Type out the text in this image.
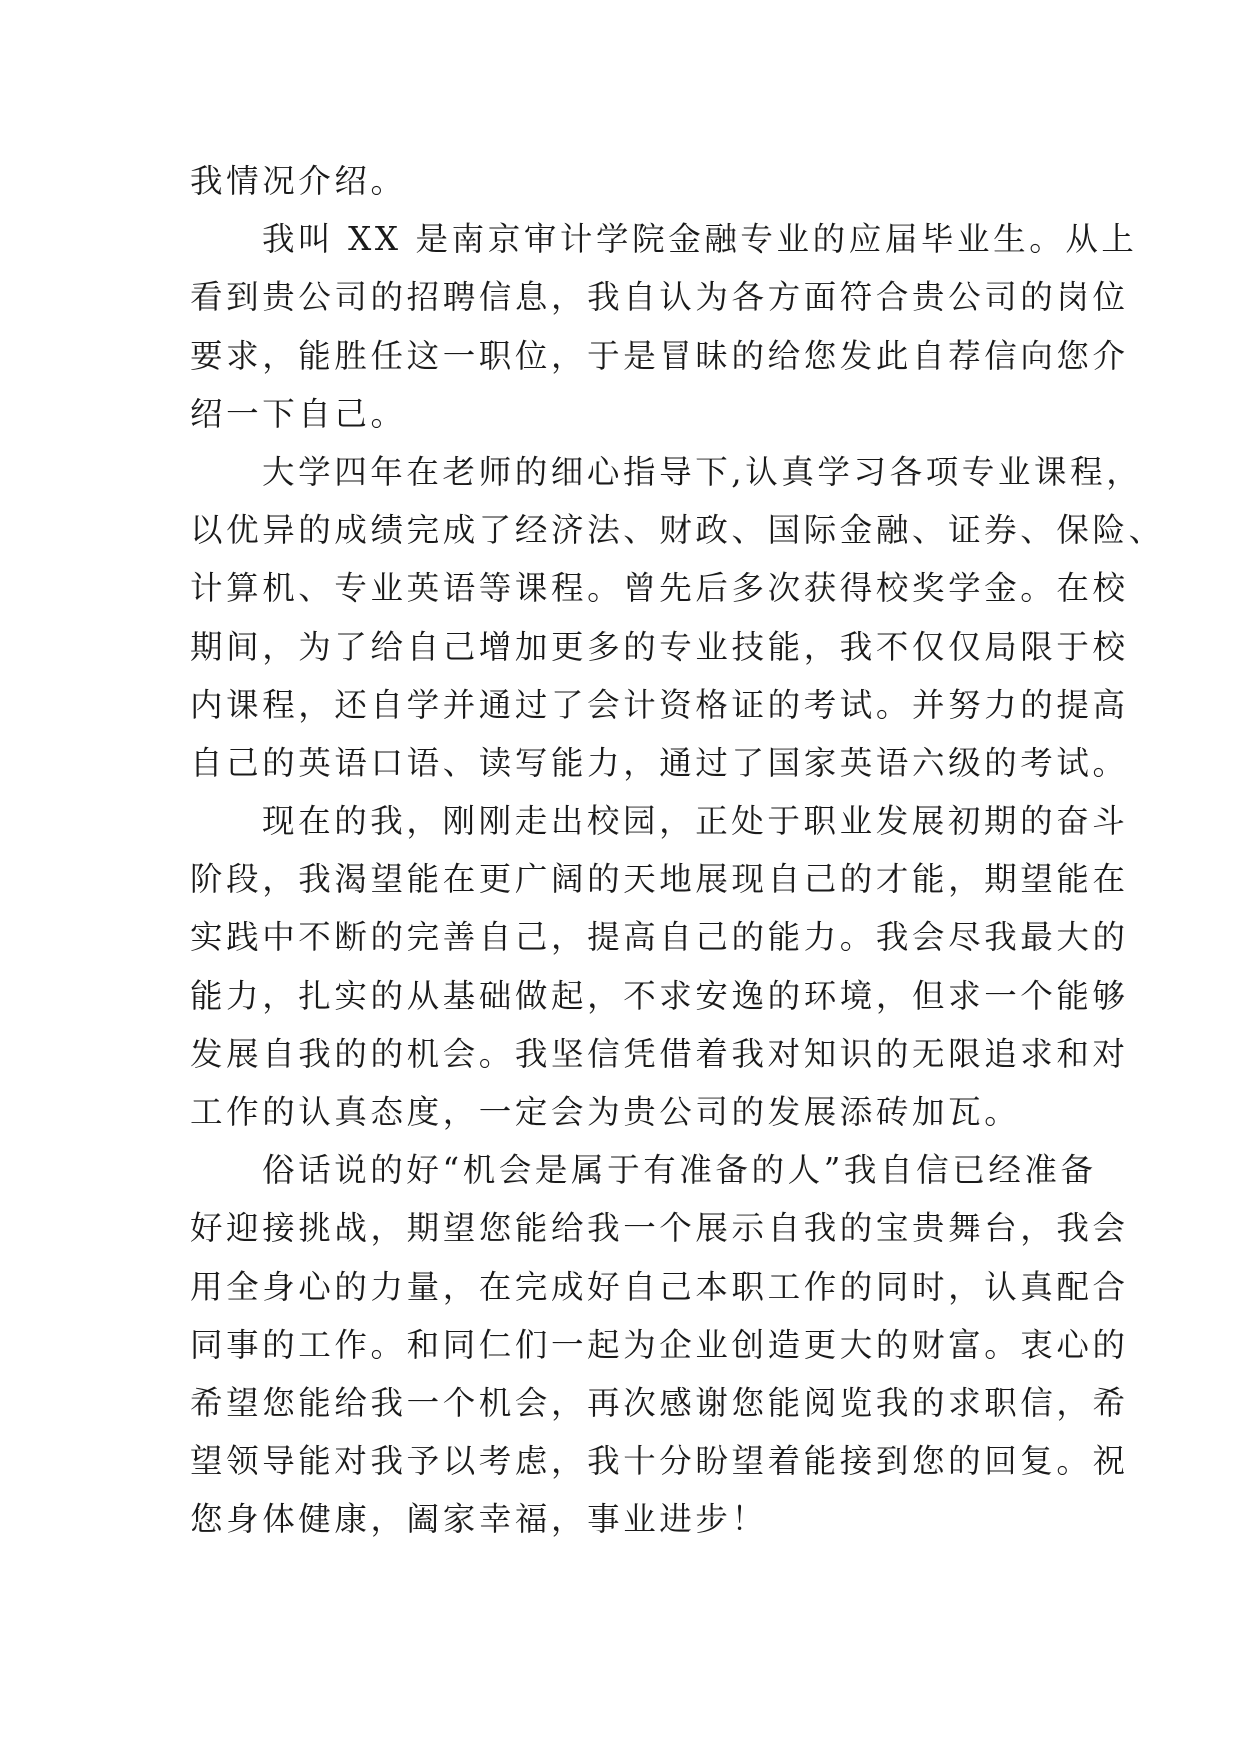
我情况介绍。
我叫 XX 是南京审计学院金融专业的应届毕业生。从上
看到贵公司的招聘信息，我自认为各方面符合贵公司的岗位
要求，能胜任这一职位，于是冒昧的给您发此自荐信向您介
绍一下自己。
大学四年在老师的细心指导下,认真学习各项专业课程，
以优异的成绩完成了经济法、财政、国际金融、证券、保险、
计算机、专业英语等课程。曾先后多次获得校奖学金。在校
期间，为了给自己增加更多的专业技能，我不仅仅局限于校
内课程，还自学并通过了会计资格证的考试。并努力的提高
自己的英语口语、读写能力，通过了国家英语六级的考试。
现在的我，刚刚走出校园，正处于职业发展初期的奋斗
阶段，我渴望能在更广阔的天地展现自己的才能，期望能在
实践中不断的完善自己，提高自己的能力。我会尽我最大的
能力，扎实的从基础做起，不求安逸的环境，但求一个能够
发展自我的的机会。我坚信凭借着我对知识的无限追求和对
工作的认真态度，一定会为贵公司的发展添砖加瓦。
俗话说的好“机会是属于有准备的人”我自信已经准备
好迎接挑战，期望您能给我一个展示自我的宝贵舞台，我会
用全身心的力量，在完成好自己本职工作的同时，认真配合
同事的工作。和同仁们一起为企业创造更大的财富。衷心的
希望您能给我一个机会，再次感谢您能阅览我的求职信，希
望领导能对我予以考虑，我十分盼望着能接到您的回复。祝
您身体健康，阖家幸福，事业进步！
